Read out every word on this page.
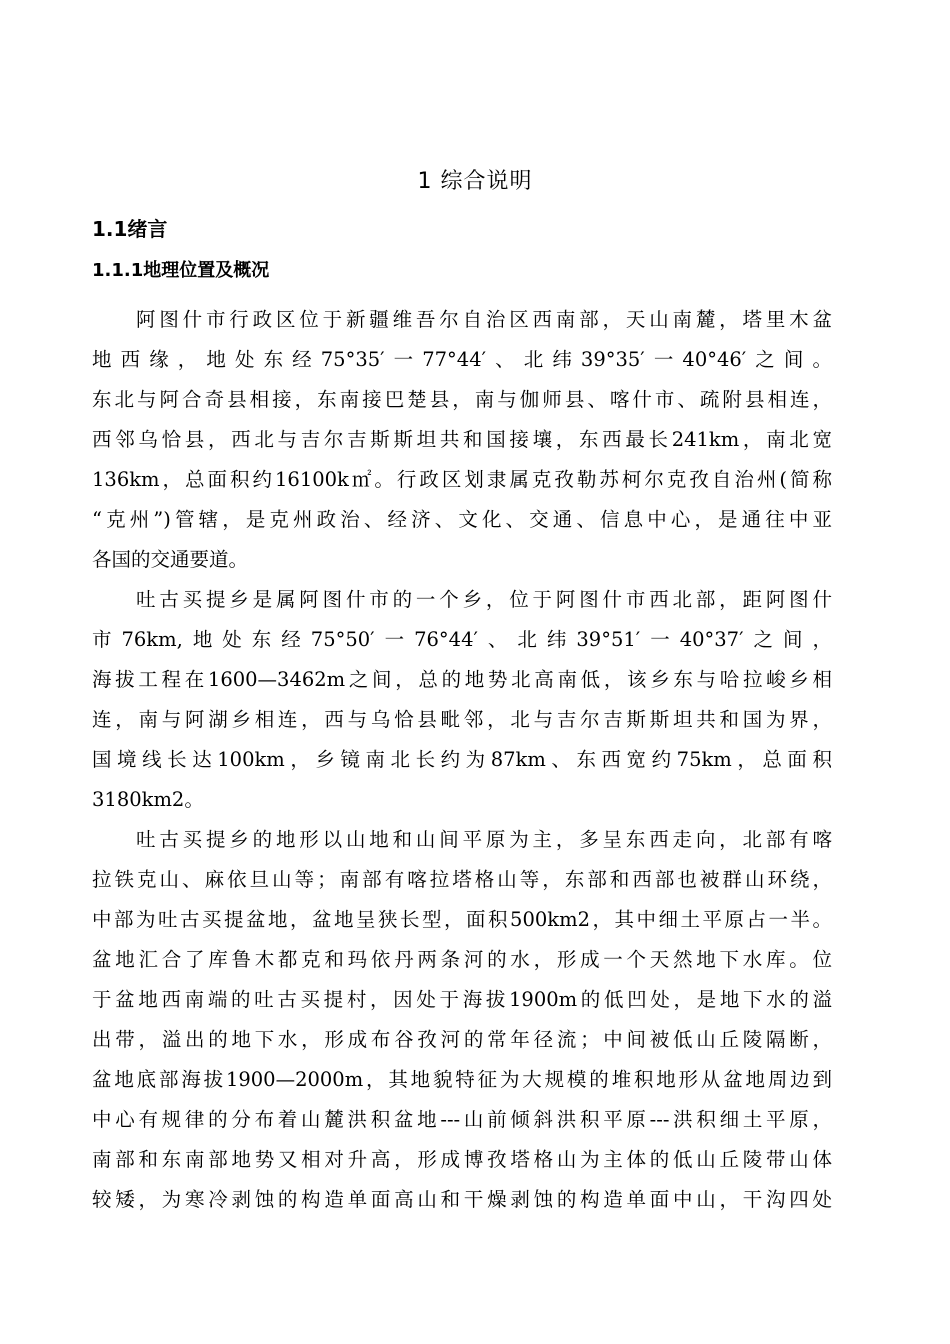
1 综合说明
1.1绪言
1.1.1地理位置及概况
阿图什市行政区位于新疆维吾尔自治区西南部，天山南麓，塔里木盆
地西缘，地处东经75°35′一77°44′、北纬39°35′一40°46′之间。
东北与阿合奇县相接，东南接巴楚县，南与伽师县、喀什市、疏附县相连，
西邻乌恰县，西北与吉尔吉斯斯坦共和国接壤，东西最长241km，南北宽
136km，总面积约16100k㎡。行政区划隶属克孜勒苏柯尔克孜自治州(简称
“克州”)管辖，是克州政治、经济、文化、交通、信息中心，是通往中亚
各国的交通要道。
吐古买提乡是属阿图什市的一个乡，位于阿图什市西北部，距阿图什
市76km,地处东经75°50′一76°44′、北纬39°51′一40°37′之间，
海拔工程在1600—3462m之间，总的地势北高南低，该乡东与哈拉峻乡相
连，南与阿湖乡相连，西与乌恰县毗邻，北与吉尔吉斯斯坦共和国为界，
国境线长达100km，乡镜南北长约为87km、东西宽约75km，总面积
3180km2。
吐古买提乡的地形以山地和山间平原为主，多呈东西走向，北部有喀
拉铁克山、麻依旦山等；南部有喀拉塔格山等，东部和西部也被群山环绕，
中部为吐古买提盆地，盆地呈狭长型，面积500km2，其中细土平原占一半。
盆地汇合了库鲁木都克和玛依丹两条河的水，形成一个天然地下水库。位
于盆地西南端的吐古买提村，因处于海拔1900m的低凹处，是地下水的溢
出带，溢出的地下水，形成布谷孜河的常年径流；中间被低山丘陵隔断，
盆地底部海拔1900—2000m，其地貌特征为大规模的堆积地形从盆地周边到
中心有规律的分布着山麓洪积盆地---山前倾斜洪积平原---洪积细土平原，
南部和东南部地势又相对升高，形成博孜塔格山为主体的低山丘陵带山体
较矮，为寒冷剥蚀的构造单面高山和干燥剥蚀的构造单面中山，干沟四处
